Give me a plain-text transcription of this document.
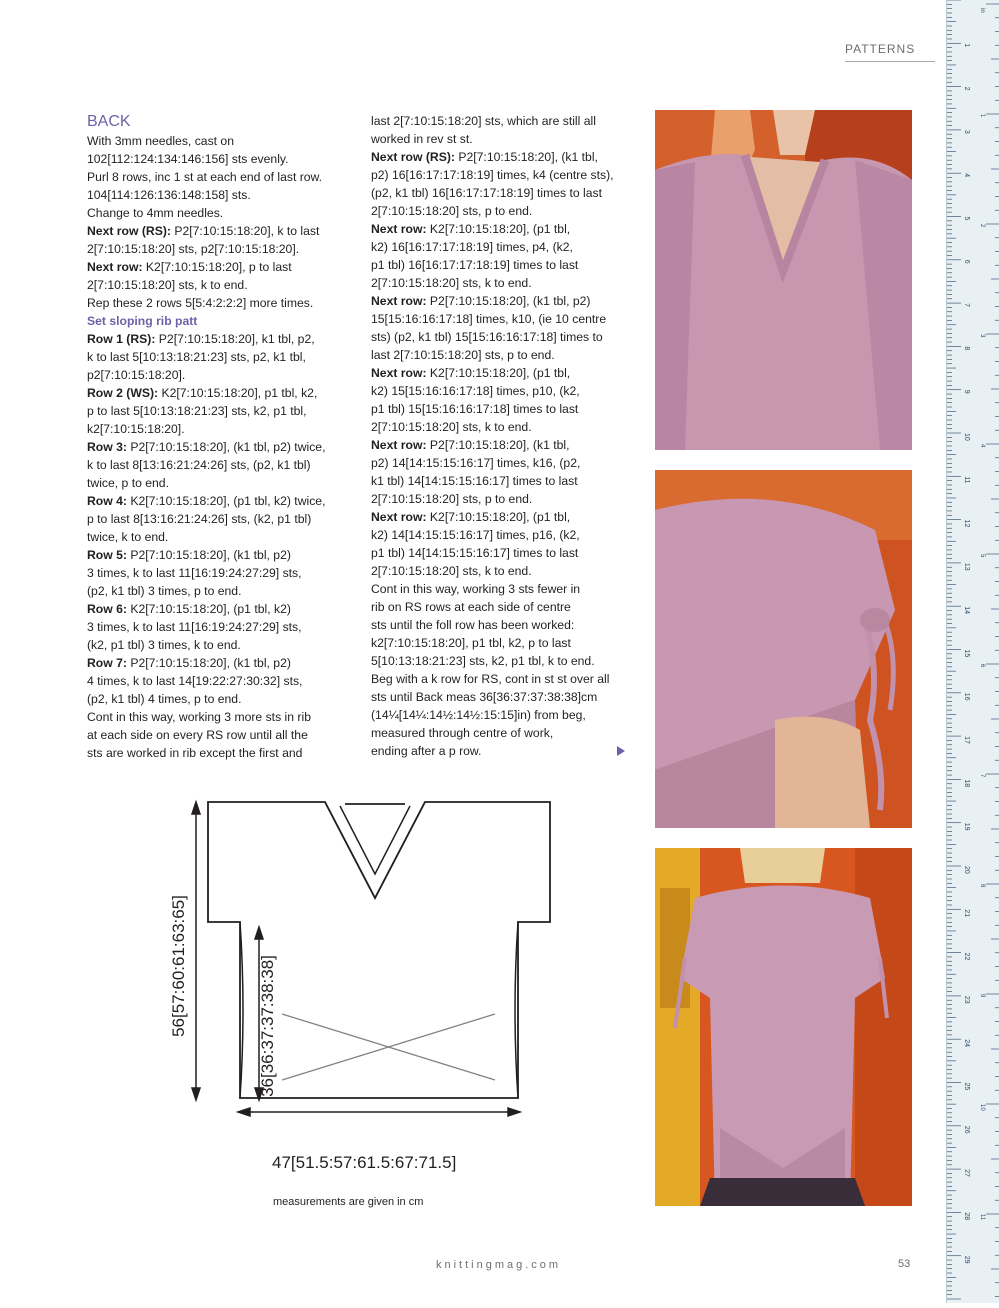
PATTERNS
BACK
With 3mm needles, cast on
102[112:124:134:146:156] sts evenly.
Purl 8 rows, inc 1 st at each end of last row.
104[114:126:136:148:158] sts.
Change to 4mm needles.
Next row (RS): P2[7:10:15:18:20], k to last
2[7:10:15:18:20] sts, p2[7:10:15:18:20].
Next row: K2[7:10:15:18:20], p to last
2[7:10:15:18:20] sts, k to end.
Rep these 2 rows 5[5:4:2:2:2] more times.
Set sloping rib patt
Row 1 (RS): P2[7:10:15:18:20], k1 tbl, p2,
k to last 5[10:13:18:21:23] sts, p2, k1 tbl,
p2[7:10:15:18:20].
Row 2 (WS): K2[7:10:15:18:20], p1 tbl, k2,
p to last 5[10:13:18:21:23] sts, k2, p1 tbl,
k2[7:10:15:18:20].
Row 3: P2[7:10:15:18:20], (k1 tbl, p2) twice,
k to last 8[13:16:21:24:26] sts, (p2, k1 tbl)
twice, p to end.
Row 4: K2[7:10:15:18:20], (p1 tbl, k2) twice,
p to last 8[13:16:21:24:26] sts, (k2, p1 tbl)
twice, k to end.
Row 5: P2[7:10:15:18:20], (k1 tbl, p2)
3 times, k to last 11[16:19:24:27:29] sts,
(p2, k1 tbl) 3 times, p to end.
Row 6: K2[7:10:15:18:20], (p1 tbl, k2)
3 times, k to last 11[16:19:24:27:29] sts,
(k2, p1 tbl) 3 times, k to end.
Row 7: P2[7:10:15:18:20], (k1 tbl, p2)
4 times, k to last 14[19:22:27:30:32] sts,
(p2, k1 tbl) 4 times, p to end.
Cont in this way, working 3 more sts in rib
at each side on every RS row until all the
sts are worked in rib except the first and
last 2[7:10:15:18:20] sts, which are still all
worked in rev st st.
Next row (RS): P2[7:10:15:18:20], (k1 tbl,
p2) 16[16:17:17:18:19] times, k4 (centre sts),
(p2, k1 tbl) 16[16:17:17:18:19] times to last
2[7:10:15:18:20] sts, p to end.
Next row: K2[7:10:15:18:20], (p1 tbl,
k2) 16[16:17:17:18:19] times, p4, (k2,
p1 tbl) 16[16:17:17:18:19] times to last
2[7:10:15:18:20] sts, k to end.
Next row: P2[7:10:15:18:20], (k1 tbl, p2)
15[15:16:16:17:18] times, k10, (ie 10 centre
sts) (p2, k1 tbl) 15[15:16:16:17:18] times to
last 2[7:10:15:18:20] sts, p to end.
Next row: K2[7:10:15:18:20], (p1 tbl,
k2) 15[15:16:16:17:18] times, p10, (k2,
p1 tbl) 15[15:16:16:17:18] times to last
2[7:10:15:18:20] sts, k to end.
Next row: P2[7:10:15:18:20], (k1 tbl,
p2) 14[14:15:15:16:17] times, k16, (p2,
k1 tbl) 14[14:15:15:16:17] times to last
2[7:10:15:18:20] sts, p to end.
Next row: K2[7:10:15:18:20], (p1 tbl,
k2) 14[14:15:15:16:17] times, p16, (k2,
p1 tbl) 14[14:15:15:16:17] times to last
2[7:10:15:18:20] sts, k to end.
Cont in this way, working 3 sts fewer in
rib on RS rows at each side of centre
sts until the foll row has been worked:
k2[7:10:15:18:20], p1 tbl, k2, p to last
5[10:13:18:21:23] sts, k2, p1 tbl, k to end.
Beg with a k row for RS, cont in st st over all
sts until Back meas 36[36:37:37:38:38]cm
(14¼[14¼:14½:14½:15:15]in) from beg,
measured through centre of work,
ending after a p row.
1
2
3
4
5
6
7
8
9
10
11
12
13
14
15
16
17
18
19
20
21
22
23
24
25
26
27
28
29
in
1
2
3
4
5
6
7
8
9
10
11
56[57:60:61:63:65]	36[36:37:37:38:38]
47[51.5:57:61.5:67:71.5]
measurements are given in cm
knittingmag.com	53
